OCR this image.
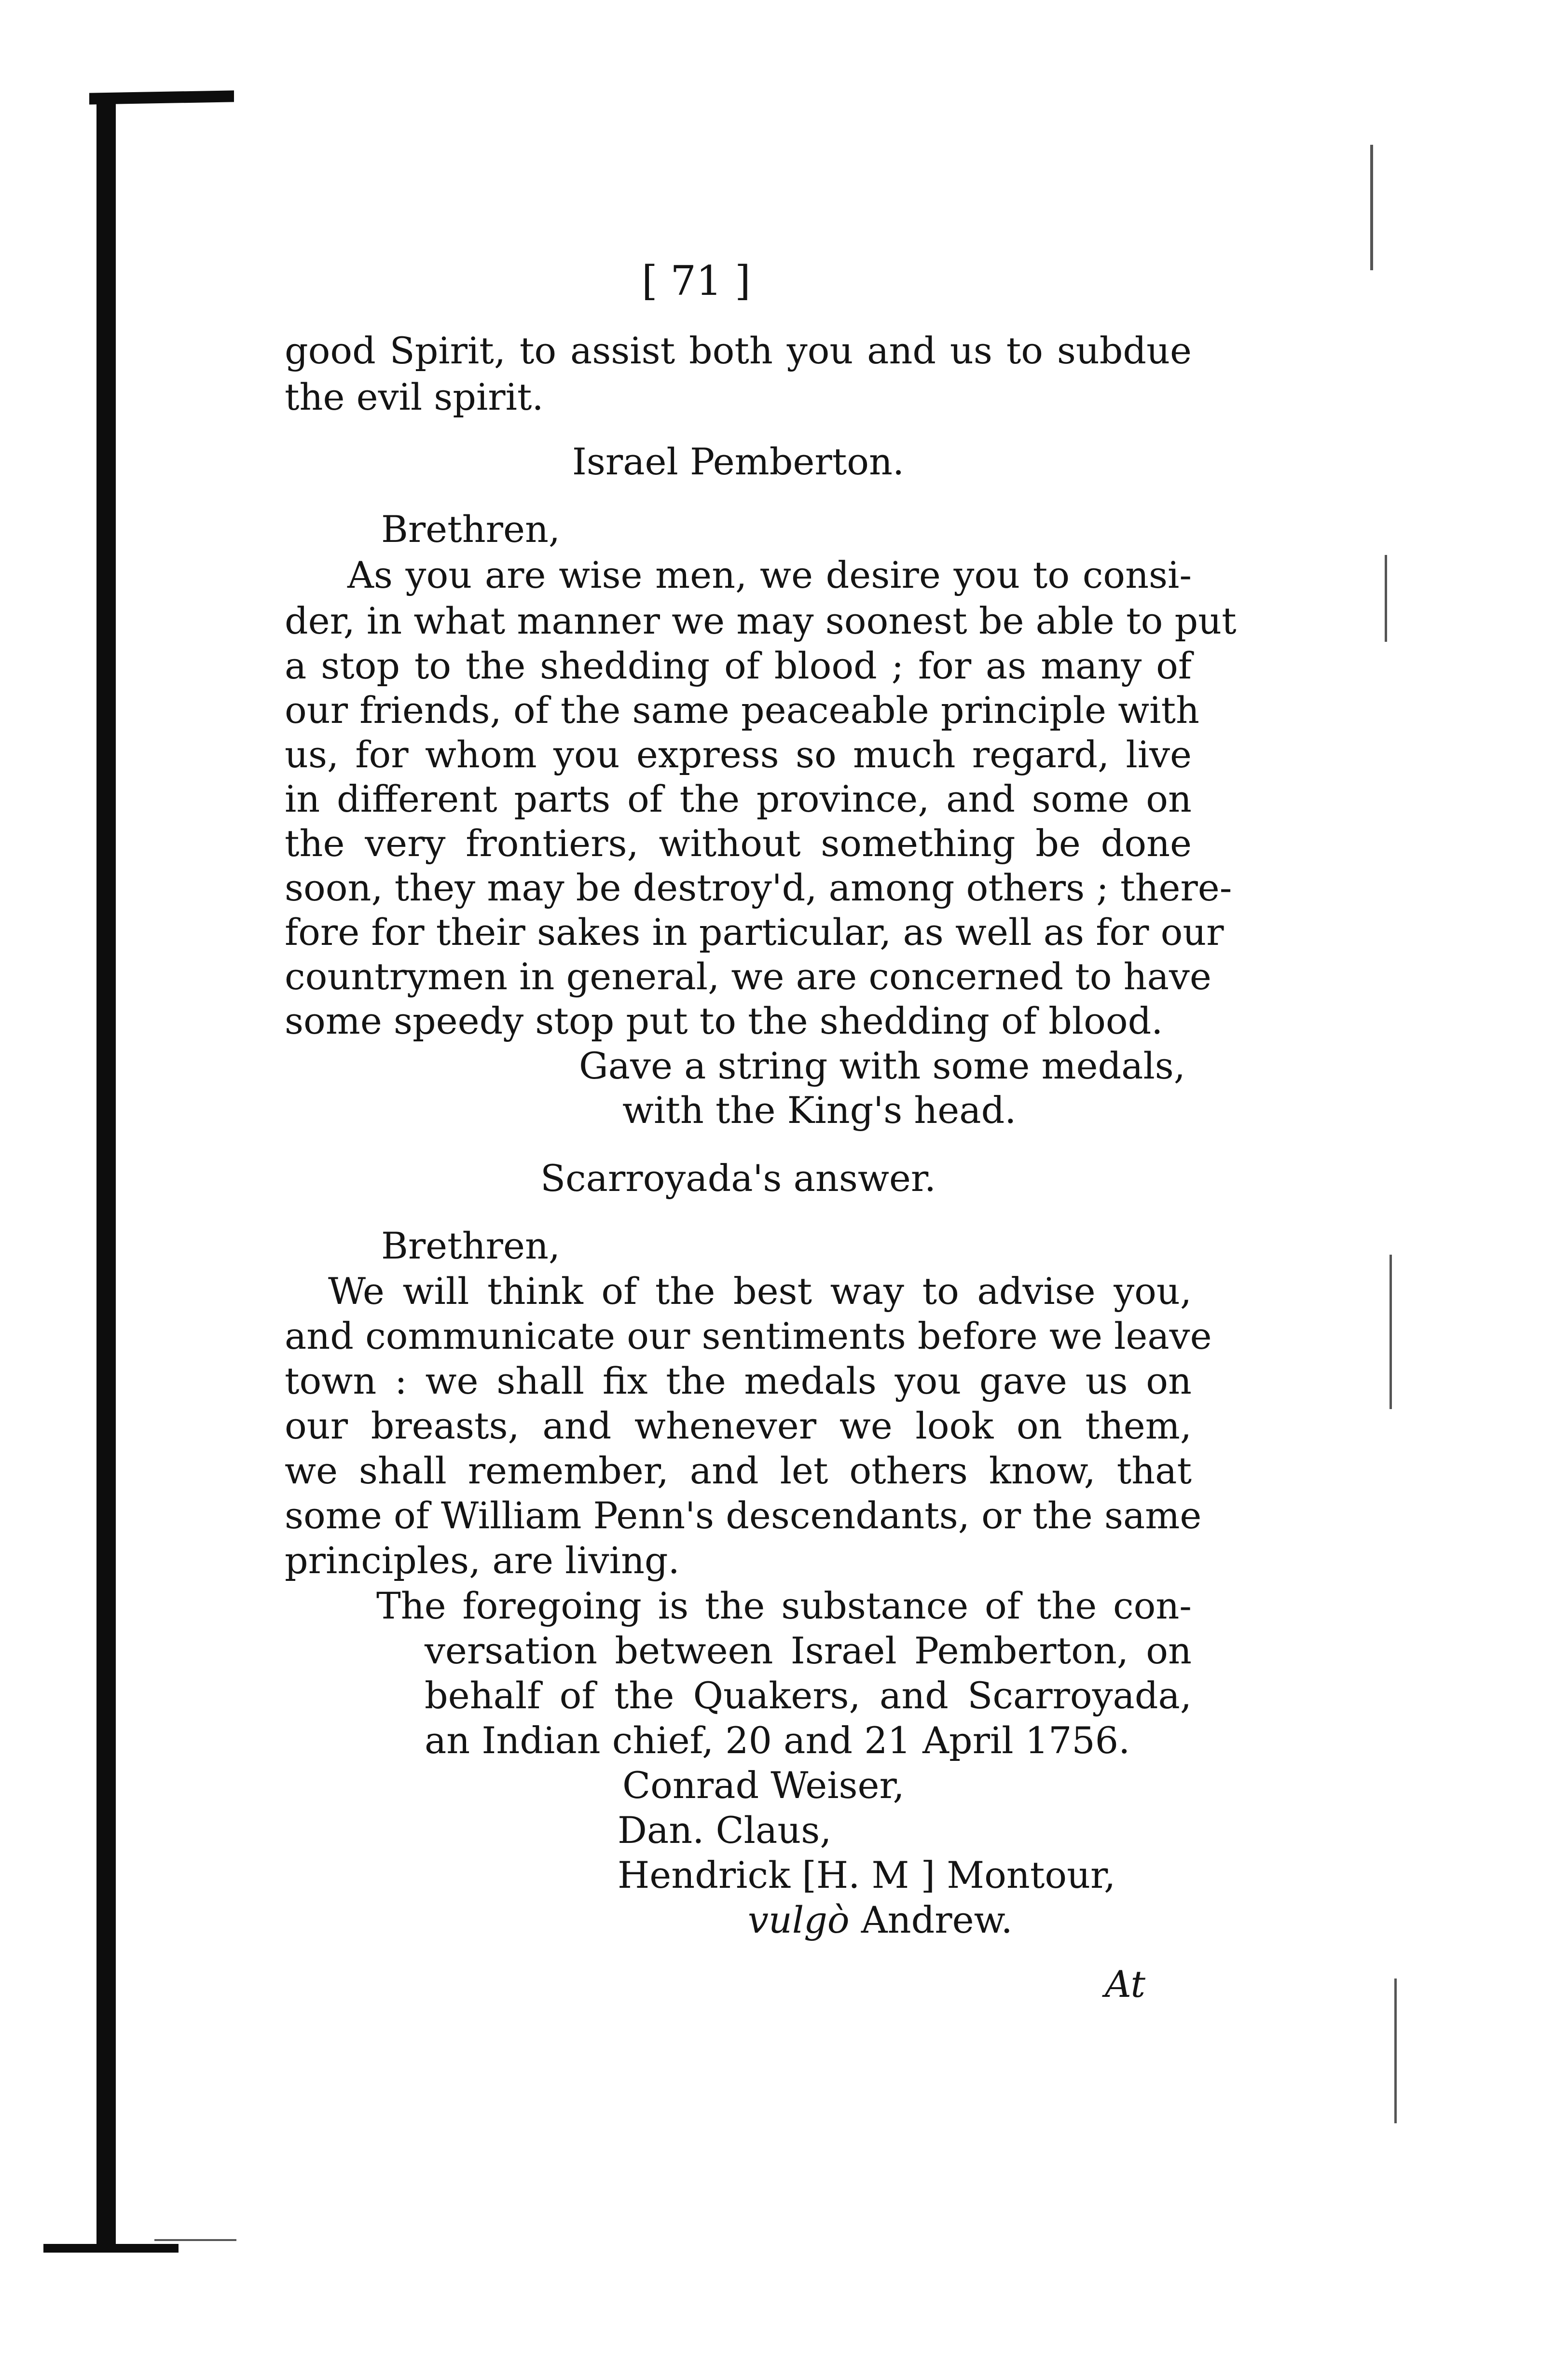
[ 71 ]
good Spirit, to assist both you and us to subdue
the evil spirit.
Israel Pemberton.
Brethren,
As you are wise men, we desire you to consi-
der, in what manner we may soonest be able to put
a stop to the shedding of blood ; for as many of
our friends, of the same peaceable principle with
us, for whom you express so much regard, live
in different parts of the province, and some on
the very frontiers, without something be done
soon, they may be destroy'd, among others ; there-
fore for their sakes in particular, as well as for our
countrymen in general, we are concerned to have
some speedy stop put to the shedding of blood.
Gave a string with some medals,
with the King's head.
Scarroyada's answer.
Brethren,
We will think of the best way to advise you,
and communicate our sentiments before we leave
town : we shall fix the medals you gave us on
our breasts, and whenever we look on them,
we shall remember, and let others know, that
some of William Penn's descendants, or the same
principles, are living.
The foregoing is the substance of the con-
versation between Israel Pemberton, on
behalf of the Quakers, and Scarroyada,
an Indian chief, 20 and 21 April 1756.
Conrad Weiser,
Dan. Claus,
Hendrick [H. M ] Montour,
vulgò Andrew.
At
